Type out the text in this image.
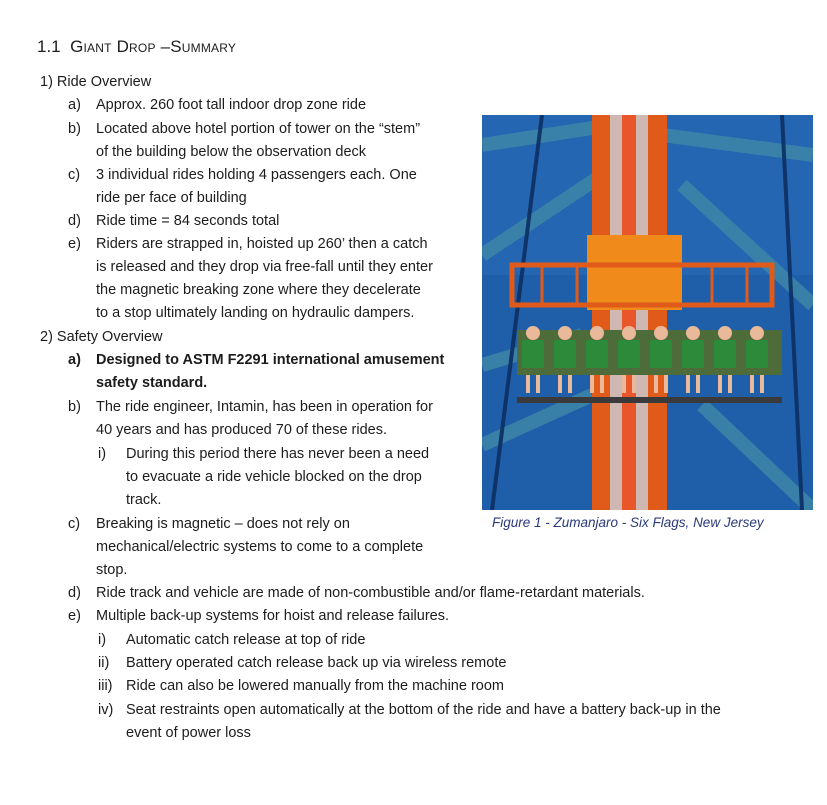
1.1 Giant Drop –Summary
1) Ride Overview
a) Approx. 260 foot tall indoor drop zone ride
b) Located above hotel portion of tower on the “stem”
of the building below the observation deck
c) 3 individual rides holding 4 passengers each. One
ride per face of building
d) Ride time = 84 seconds total
e) Riders are strapped in, hoisted up 260’ then a catch
is released and they drop via free-fall until they enter
the magnetic breaking zone where they decelerate
to a stop ultimately landing on hydraulic dampers.
2) Safety Overview
a) Designed to ASTM F2291 international amusement
safety standard.
b) The ride engineer, Intamin, has been in operation for
40 years and has produced 70 of these rides.
i) During this period there has never been a need
to evacuate a ride vehicle blocked on the drop
track.
c) Breaking is magnetic – does not rely on
mechanical/electric systems to come to a complete
stop.
d) Ride track and vehicle are made of non-combustible and/or flame-retardant materials.
e) Multiple back-up systems for hoist and release failures.
i) Automatic catch release at top of ride
ii) Battery operated catch release back up via wireless remote
iii) Ride can also be lowered manually from the machine room
iv) Seat restraints open automatically at the bottom of the ride and have a battery back-up in the
event of power loss
Figure 1 - Zumanjaro - Six Flags, New Jersey
